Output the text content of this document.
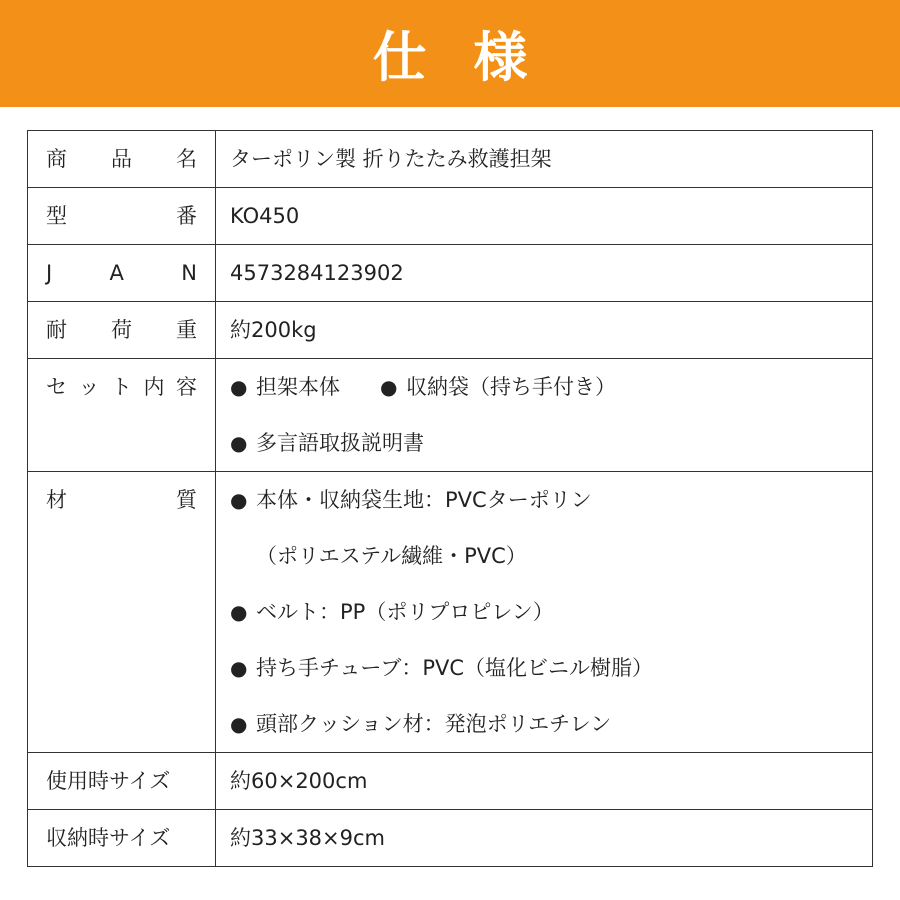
仕 様
商 品 名	ターポリン製 折りたたみ救護担架

型 番	KO450

J A N	4573284123902

耐 荷 重	約200kg

セ ッ ト 内 容	● 担架本体 ● 収納袋（持ち手付き）
● 多言語取扱説明書

材 質	● 本体・収納袋生地：PVCターポリン
（ポリエステル繊維・PVC）
● ベルト：PP（ポリプロピレン）
● 持ち手チューブ：PVC（塩化ビニル樹脂）
● 頭部クッション材：発泡ポリエチレン

使用時サイズ	約60×200cm

収納時サイズ	約33×38×9cm
